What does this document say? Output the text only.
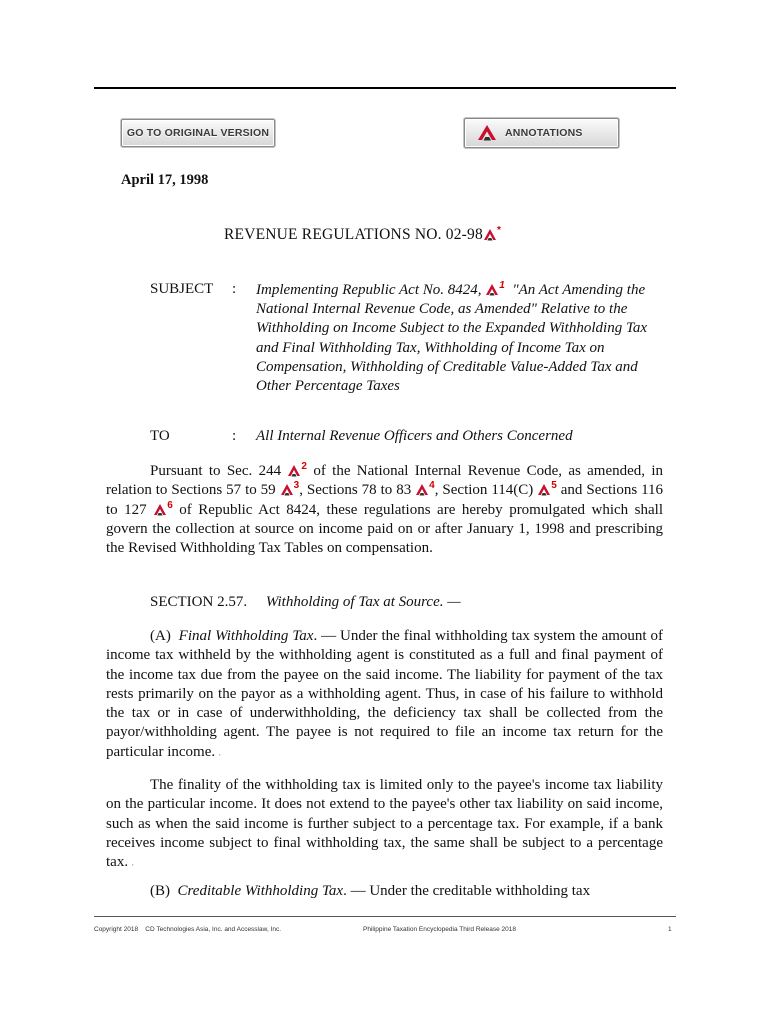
GO TO ORIGINAL VERSION	ANNOTATIONS
April 17, 1998
REVENUE REGULATIONS NO. 02-98 *
SUBJECT : Implementing Republic Act No. 8424, $^1$ "An Act Amending the National Internal Revenue Code, as Amended" Relative to the Withholding on Income Subject to the Expanded Withholding Tax and Final Withholding Tax, Withholding of Income Tax on Compensation, Withholding of Creditable Value-Added Tax and Other Percentage Taxes
TO	: All Internal Revenue Officers and Others Concerned

Pursuant to Sec. 244 $^2$ of the National Internal Revenue Code, as amended, in relation to Sections 57 to 59 $^3$, Sections 78 to 83 $^4$, Section 114(C) $^5$ and Sections 116 to 127 $^6$ of Republic Act 8424, these regulations are hereby promulgated which shall govern the collection at source on income paid on or after January 1, 1998 and prescribing the Revised Withholding Tax Tables on compensation.

SECTION 2.57. Withholding of Tax at Source. —

(A) Final Withholding Tax. — Under the final withholding tax system the amount of income tax withheld by the withholding agent is constituted as a full and final payment of the income tax due from the payee on the said income. The liability for payment of the tax rests primarily on the payor as a withholding agent. Thus, in case of his failure to withhold the tax or in case of underwithholding, the deficiency tax shall be collected from the payor/withholding agent. The payee is not required to file an income tax return for the particular income. ▪

The finality of the withholding tax is limited only to the payee's income tax liability on the particular income. It does not extend to the payee's other tax liability on said income, such as when the said income is further subject to a percentage tax. For example, if a bank receives income subject to final withholding tax, the same shall be subject to a percentage tax. ▪

(B) Creditable Withholding Tax. — Under the creditable withholding tax

Copyright 2018    CD Technologies Asia, Inc. and Accesslaw, Inc.	Philippine Taxation Encyclopedia Third Release 2018	1
